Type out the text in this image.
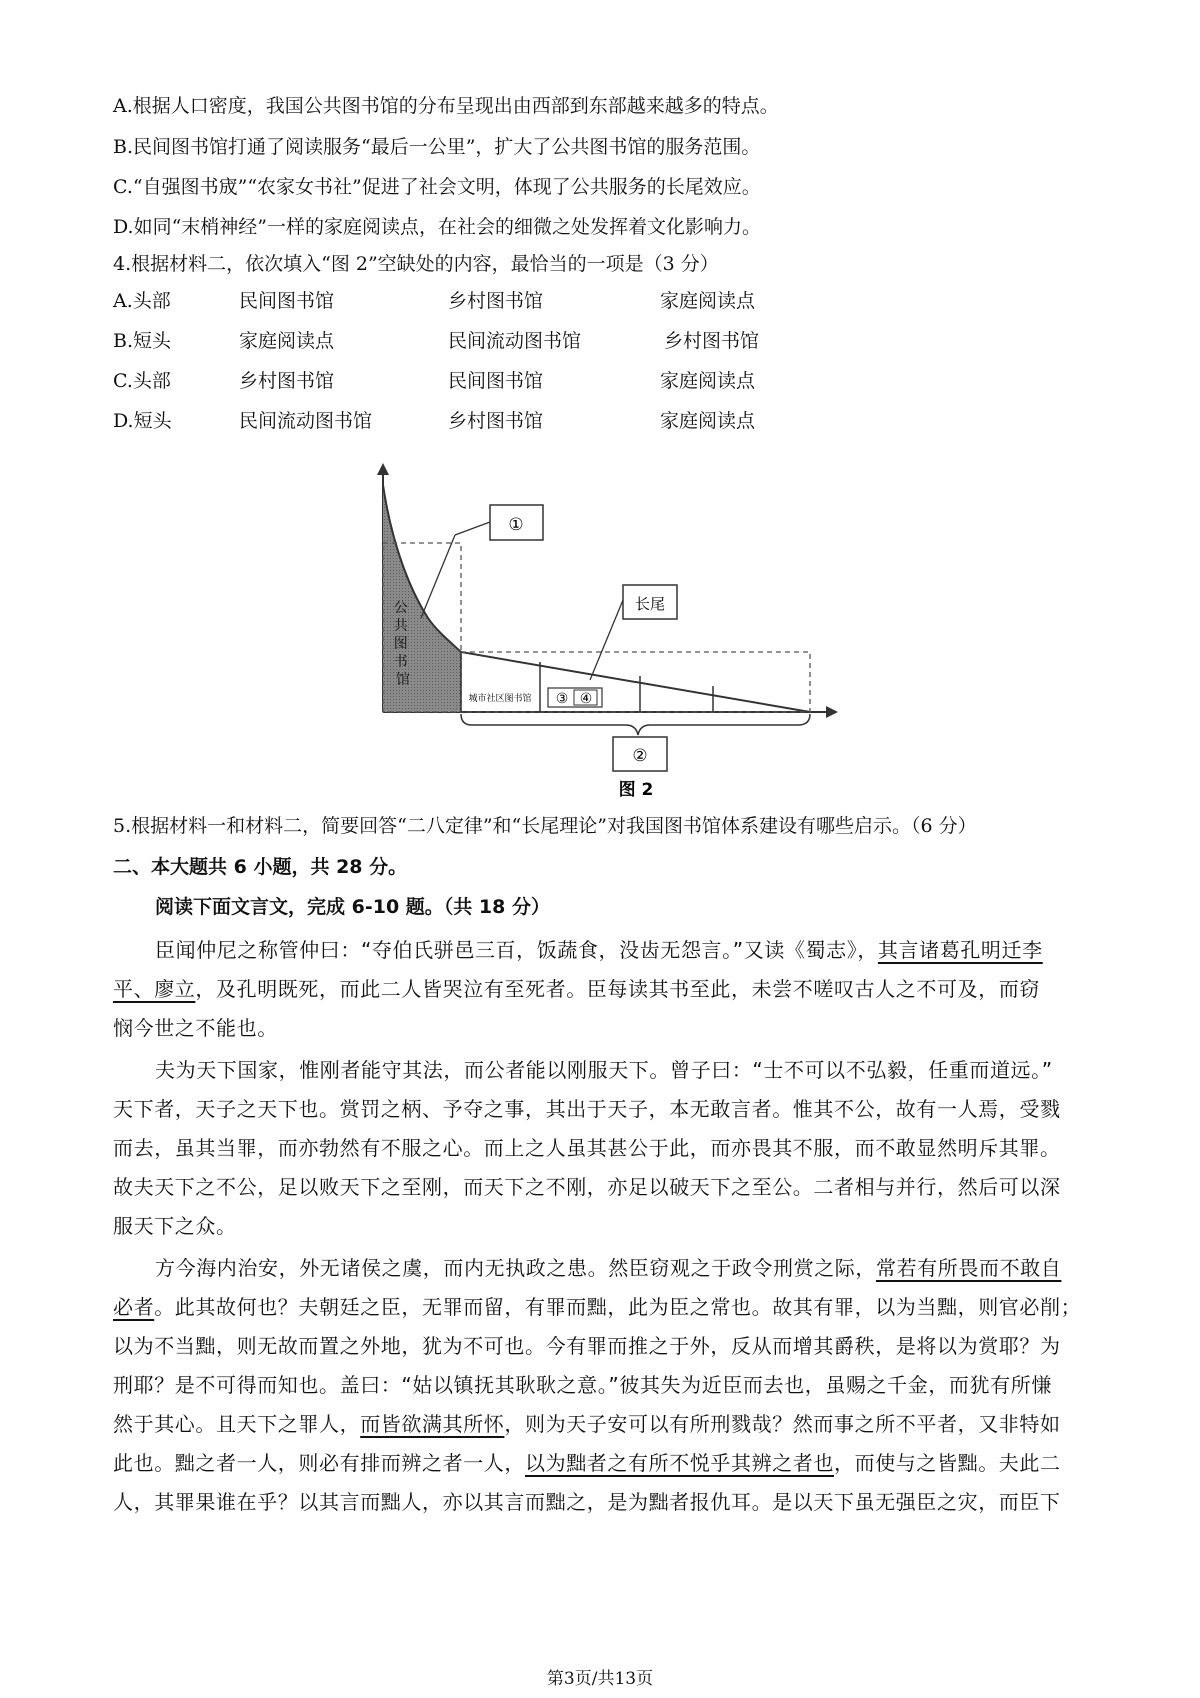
A.根据人口密度，我国公共图书馆的分布呈现出由西部到东部越来越多的特点。
B.民间图书馆打通了阅读服务“最后一公里”，扩大了公共图书馆的服务范围。
C.“自强图书宬”“农家女书社”促进了社会文明，体现了公共服务的长尾效应。
D.如同“末梢神经”一样的家庭阅读点，在社会的细微之处发挥着文化影响力。
4.根据材料二，依次填入“图 2”空缺处的内容，最恰当的一项是（3 分）
A.头部	民间图书馆	乡村图书馆	家庭阅读点
B.短头	家庭阅读点	民间流动图书馆	乡村图书馆
C.头部	乡村图书馆	民间图书馆	家庭阅读点
D.短头	民间流动图书馆	乡村图书馆	家庭阅读点
①
长尾
公 共 图 书 馆
城市社区图书馆 ③ ④
②
图 2
5.根据材料一和材料二，简要回答“二八定律”和“长尾理论”对我国图书馆体系建设有哪些启示。（6 分）
二、本大题共 6 小题，共 28 分。
阅读下面文言文，完成 6-10 题。（共 18 分）
臣闻仲尼之称管仲曰：“夺伯氏骈邑三百，饭蔬食，没齿无怨言。”又读《蜀志》，其言诸葛孔明迁李
平、廖立，及孔明既死，而此二人皆哭泣有至死者。臣每读其书至此，未尝不嗟叹古人之不可及，而窃
悯今世之不能也。
夫为天下国家，惟刚者能守其法，而公者能以刚服天下。曾子曰：“士不可以不弘毅，任重而道远。”
天下者，天子之天下也。赏罚之柄、予夺之事，其出于天子，本无敢言者。惟其不公，故有一人焉，受戮
而去，虽其当罪，而亦勃然有不服之心。而上之人虽其甚公于此，而亦畏其不服，而不敢显然明斥其罪。
故夫天下之不公，足以败天下之至刚，而天下之不刚，亦足以破天下之至公。二者相与并行，然后可以深
服天下之众。
方今海内治安，外无诸侯之虞，而内无执政之患。然臣窃观之于政令刑赏之际，常若有所畏而不敢自
必者。此其故何也？夫朝廷之臣，无罪而留，有罪而黜，此为臣之常也。故其有罪，以为当黜，则官必削；
以为不当黜，则无故而置之外地，犹为不可也。今有罪而推之于外，反从而增其爵秩，是将以为赏耶？为
刑耶？是不可得而知也。盖曰：“姑以镇抚其耿耿之意。”彼其失为近臣而去也，虽赐之千金，而犹有所慊
然于其心。且天下之罪人，而皆欲满其所怀，则为天子安可以有所刑戮哉？然而事之所不平者，又非特如
此也。黜之者一人，则必有排而辨之者一人，以为黜者之有所不悦乎其辨之者也，而使与之皆黜。夫此二
人，其罪果谁在乎？以其言而黜人，亦以其言而黜之，是为黜者报仇耳。是以天下虽无强臣之灾，而臣下
第3页/共13页
